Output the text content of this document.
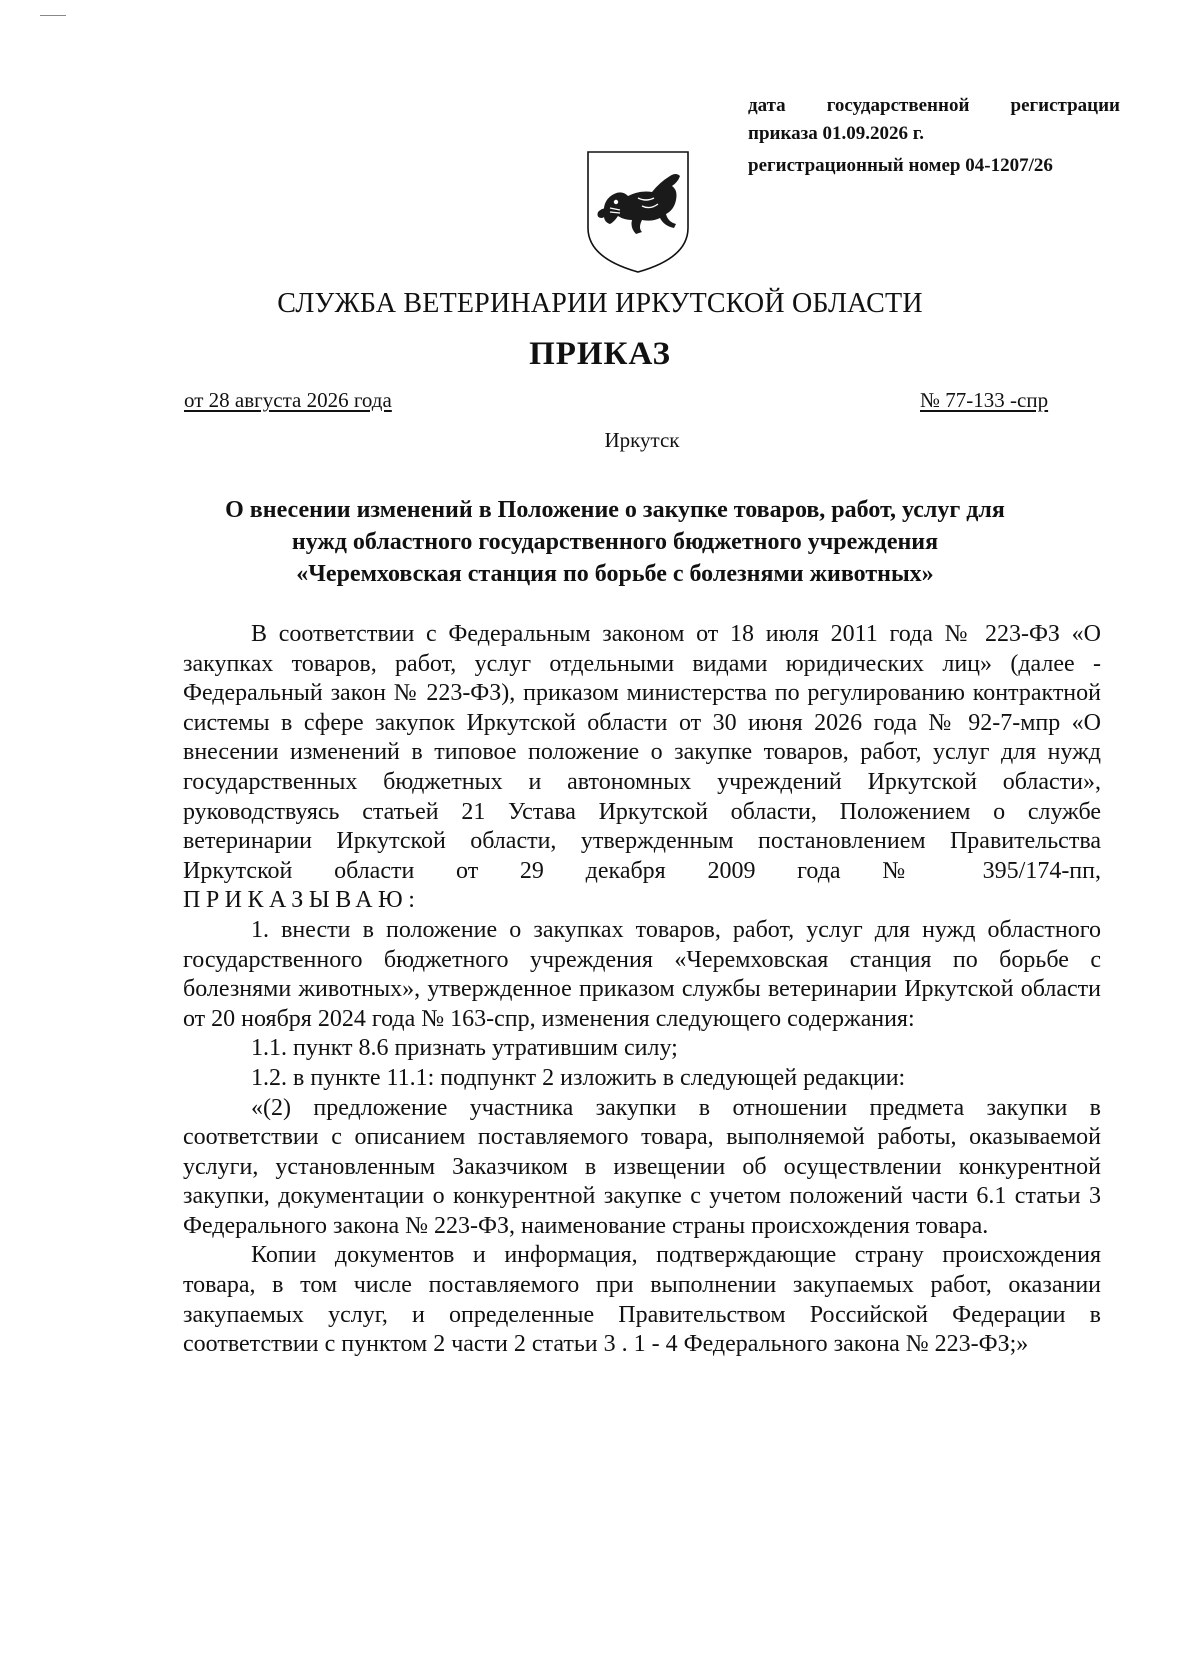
дата государственной регистрации
приказа 01.09.2026 г.
регистрационный номер 04-1207/26
СЛУЖБА ВЕТЕРИНАРИИ ИРКУТСКОЙ ОБЛАСТИ
ПРИКАЗ
от 28 августа 2026 года	№ 77-133 -спр
Иркутск
О внесении изменений в Положение о закупке товаров, работ, услуг для
нужд областного государственного бюджетного учреждения
«Черемховская станция по борьбе с болезнями животных»

В соответствии с Федеральным законом от 18 июля 2011 года № 223-ФЗ «О закупках товаров, работ, услуг отдельными видами юридических лиц» (далее - Федеральный закон № 223-ФЗ), приказом министерства по регулированию контрактной системы в сфере закупок Иркутской области от 30 июня 2026 года № 92-7-мпр «О внесении изменений в типовое положение о закупке товаров, работ, услуг для нужд государственных бюджетных и автономных учреждений Иркутской области», руководствуясь статьей 21 Устава Иркутской области, Положением о службе ветеринарии Иркутской области, утвержденным постановлением Правительства Иркутской области от 29 декабря 2009 года № 395/174-пп,

ПРИКАЗЫВАЮ:

1. внести в положение о закупках товаров, работ, услуг для нужд областного государственного бюджетного учреждения «Черемховская станция по борьбе с болезнями животных», утвержденное приказом службы ветеринарии Иркутской области от 20 ноября 2024 года № 163-спр, изменения следующего содержания:

1.1. пункт 8.6 признать утратившим силу;

1.2. в пункте 11.1: подпункт 2 изложить в следующей редакции:

«(2) предложение участника закупки в отношении предмета закупки в соответствии с описанием поставляемого товара, выполняемой работы, оказываемой услуги, установленным Заказчиком в извещении об осуществлении конкурентной закупки, документации о конкурентной закупке с учетом положений части 6.1 статьи 3 Федерального закона № 223-ФЗ, наименование страны происхождения товара.

Копии документов и информация, подтверждающие страну происхождения товара, в том числе поставляемого при выполнении закупаемых работ, оказании закупаемых услуг, и определенные Правительством Российской Федерации в соответствии с пунктом 2 части 2 статьи 3 . 1 - 4 Федерального закона № 223-ФЗ;»
